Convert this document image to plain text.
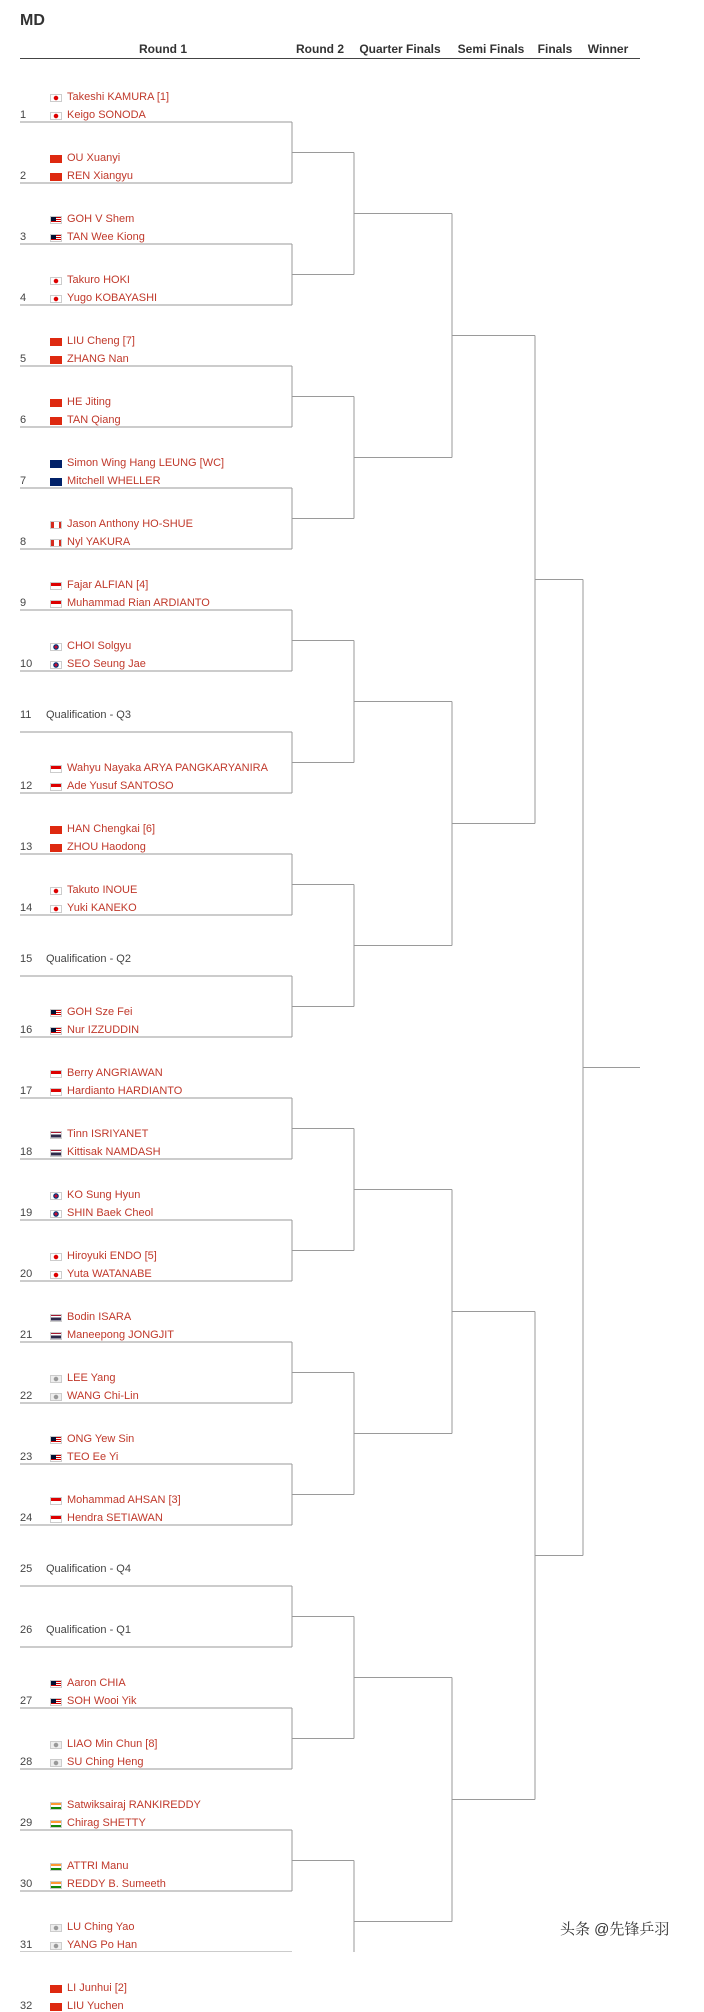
MD
Round 1	Round 2 Quarter Finals Semi Finals Finals Winner
Takeshi KAMURA [1]
Keigo SONODA
1
OU Xuanyi
REN Xiangyu
2
GOH V Shem
TAN Wee Kiong
3
Takuro HOKI
Yugo KOBAYASHI
4
LIU Cheng [7]
ZHANG Nan
5
HE Jiting
TAN Qiang
6
Simon Wing Hang LEUNG [WC]
Mitchell WHELLER
7
Jason Anthony HO-SHUE
Nyl YAKURA
8
Fajar ALFIAN [4]
Muhammad Rian ARDIANTO
9
CHOI Solgyu
SEO Seung Jae
10
Qualification - Q3
11
Wahyu Nayaka ARYA PANGKARYANIRA
Ade Yusuf SANTOSO
12
HAN Chengkai [6]
ZHOU Haodong
13
Takuto INOUE
Yuki KANEKO
14
Qualification - Q2
15
GOH Sze Fei
Nur IZZUDDIN
16
Berry ANGRIAWAN
Hardianto HARDIANTO
17
Tinn ISRIYANET
Kittisak NAMDASH
18
KO Sung Hyun
SHIN Baek Cheol
19
Hiroyuki ENDO [5]
Yuta WATANABE
20
Bodin ISARA
Maneepong JONGJIT
21
LEE Yang
WANG Chi-Lin
22
ONG Yew Sin
TEO Ee Yi
23
Mohammad AHSAN [3]
Hendra SETIAWAN
24
Qualification - Q4
25
Qualification - Q1
26
Aaron CHIA
SOH Wooi Yik
27
LIAO Min Chun [8]
SU Ching Heng
28
Satwiksairaj RANKIREDDY
Chirag SHETTY
29
ATTRI Manu
REDDY B. Sumeeth
30
LU Ching Yao
YANG Po Han
31
LI Junhui [2]
LIU Yuchen
32
头条 @先锋乒羽
